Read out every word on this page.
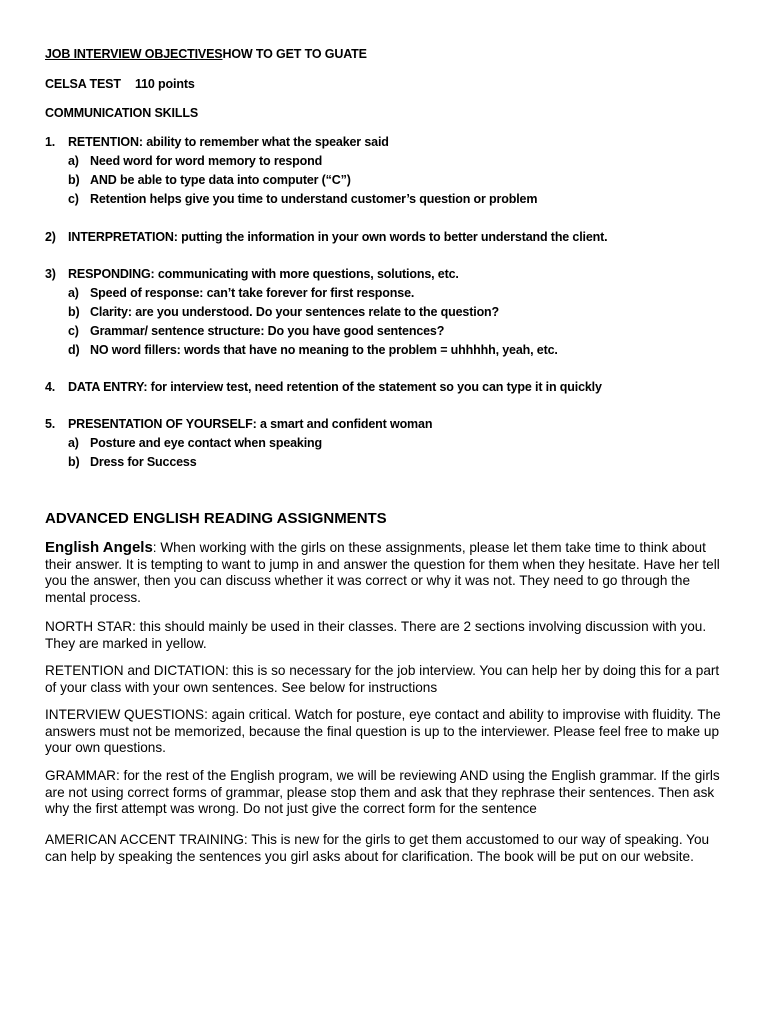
JOB INTERVIEW OBJECTIVESHOW TO GET TO GUATE
CELSA TEST 110 points
COMMUNICATION SKILLS
1. RETENTION: ability to remember what the speaker said
a) Need word for word memory to respond
b) AND be able to type data into computer (“C”)
c) Retention helps give you time to understand customer’s question or problem
2) INTERPRETATION: putting the information in your own words to better understand the client.
3) RESPONDING: communicating with more questions, solutions, etc.
a) Speed of response: can’t take forever for first response.
b) Clarity: are you understood. Do your sentences relate to the question?
c) Grammar/ sentence structure: Do you have good sentences?
d) NO word fillers: words that have no meaning to the problem = uhhhhh, yeah, etc.
4. DATA ENTRY: for interview test, need retention of the statement so you can type it in quickly
5. PRESENTATION OF YOURSELF: a smart and confident woman
a) Posture and eye contact when speaking
b) Dress for Success
ADVANCED ENGLISH READING ASSIGNMENTS

English Angels: When working with the girls on these assignments, please let them take time to think about their answer. It is tempting to want to jump in and answer the question for them when they hesitate. Have her tell you the answer, then you can discuss whether it was correct or why it was not. They need to go through the mental process.

NORTH STAR: this should mainly be used in their classes. There are 2 sections involving discussion with you. They are marked in yellow.

RETENTION and DICTATION: this is so necessary for the job interview. You can help her by doing this for a part of your class with your own sentences. See below for instructions

INTERVIEW QUESTIONS: again critical. Watch for posture, eye contact and ability to improvise with fluidity. The answers must not be memorized, because the final question is up to the interviewer. Please feel free to make up your own questions.

GRAMMAR: for the rest of the English program, we will be reviewing AND using the English grammar. If the girls are not using correct forms of grammar, please stop them and ask that they rephrase their sentences. Then ask why the first attempt was wrong. Do not just give the correct form for the sentence

AMERICAN ACCENT TRAINING: This is new for the girls to get them accustomed to our way of speaking. You can help by speaking the sentences you girl asks about for clarification. The book will be put on our website.
